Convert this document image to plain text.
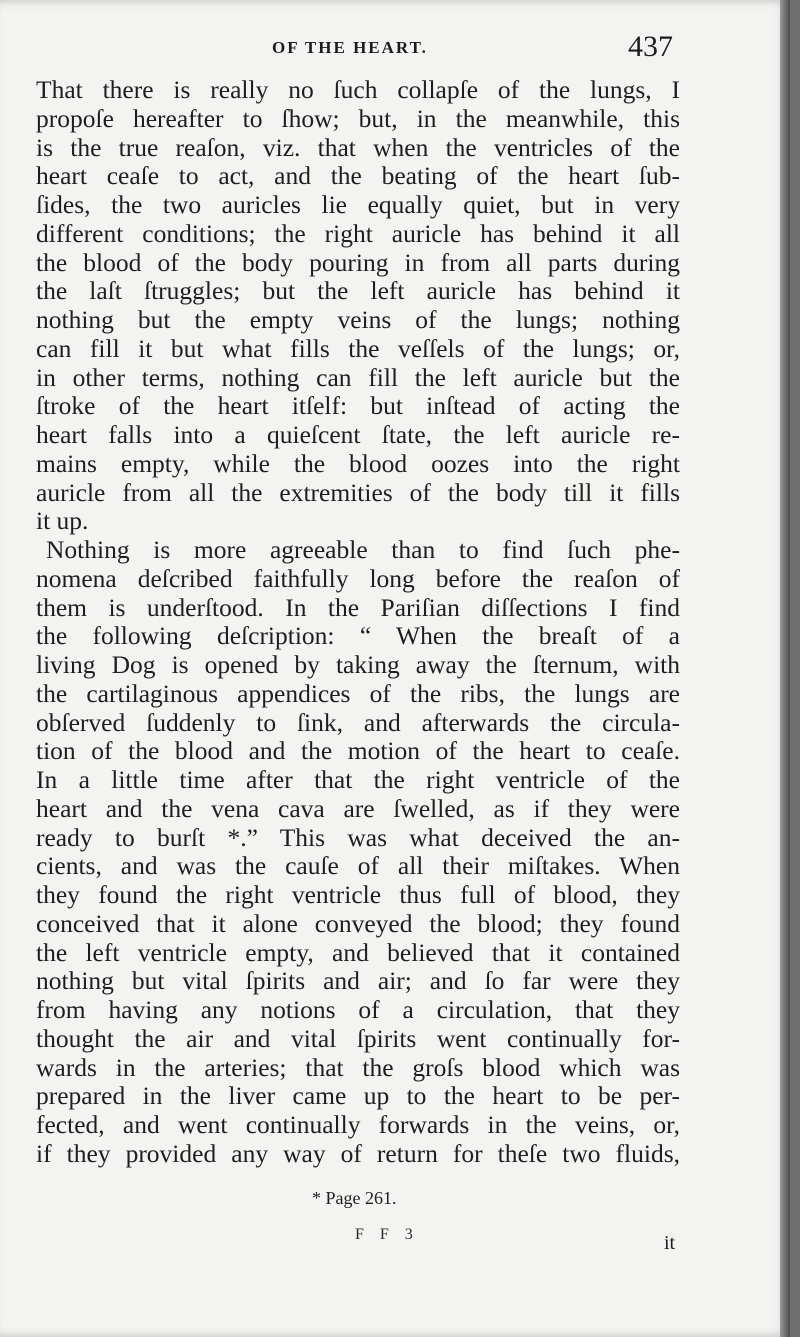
OF THE HEART.	437
That there is really no ſuch collapſe of the lungs, I
propoſe hereafter to ſhow; but, in the meanwhile, this
is the true reaſon, viz. that when the ventricles of the
heart ceaſe to act, and the beating of the heart ſub-
ſides, the two auricles lie equally quiet, but in very
different conditions; the right auricle has behind it all
the blood of the body pouring in from all parts during
the laſt ſtruggles; but the left auricle has behind it
nothing but the empty veins of the lungs; nothing
can fill it but what fills the veſſels of the lungs; or,
in other terms, nothing can fill the left auricle but the
ſtroke of the heart itſelf: but inſtead of acting the
heart falls into a quieſcent ſtate, the left auricle re-
mains empty, while the blood oozes into the right
auricle from all the extremities of the body till it fills
it up.
Nothing is more agreeable than to find ſuch phe-
nomena deſcribed faithfully long before the reaſon of
them is underſtood. In the Pariſian diſſections I find
the following deſcription: “ When the breaſt of a
living Dog is opened by taking away the ſternum, with
the cartilaginous appendices of the ribs, the lungs are
obſerved ſuddenly to ſink, and afterwards the circula-
tion of the blood and the motion of the heart to ceaſe.
In a little time after that the right ventricle of the
heart and the vena cava are ſwelled, as if they were
ready to burſt *.” This was what deceived the an-
cients, and was the cauſe of all their miſtakes. When
they found the right ventricle thus full of blood, they
conceived that it alone conveyed the blood; they found
the left ventricle empty, and believed that it contained
nothing but vital ſpirits and air; and ſo far were they
from having any notions of a circulation, that they
thought the air and vital ſpirits went continually for-
wards in the arteries; that the groſs blood which was
prepared in the liver came up to the heart to be per-
fected, and went continually forwards in the veins, or,
if they provided any way of return for theſe two fluids,
* Page 261.
F F 3	it
